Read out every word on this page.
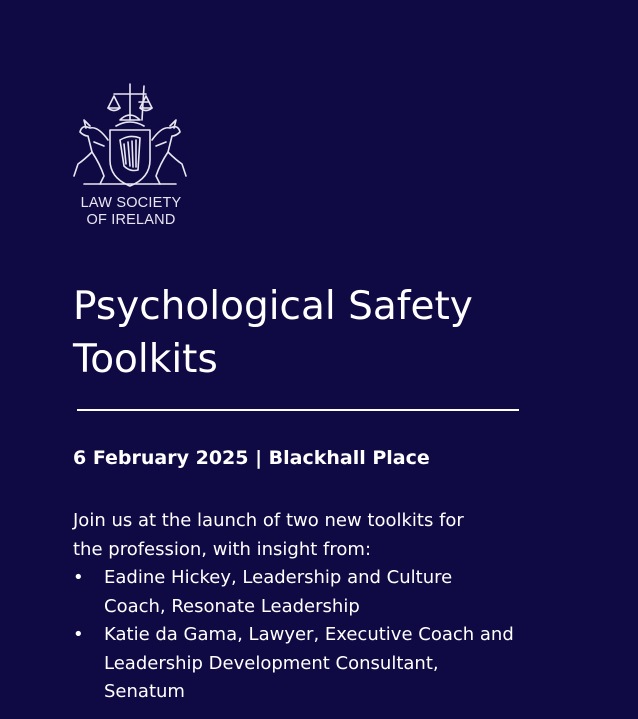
LAW SOCIETY
OF IRELAND
Psychological Safety
Toolkits
6 February 2025 | Blackhall Place
Join us at the launch of two new toolkits for
the profession, with insight from:
•	Eadine Hickey, Leadership and Culture
Coach, Resonate Leadership
•	Katie da Gama, Lawyer, Executive Coach and
Leadership Development Consultant,
Senatum
